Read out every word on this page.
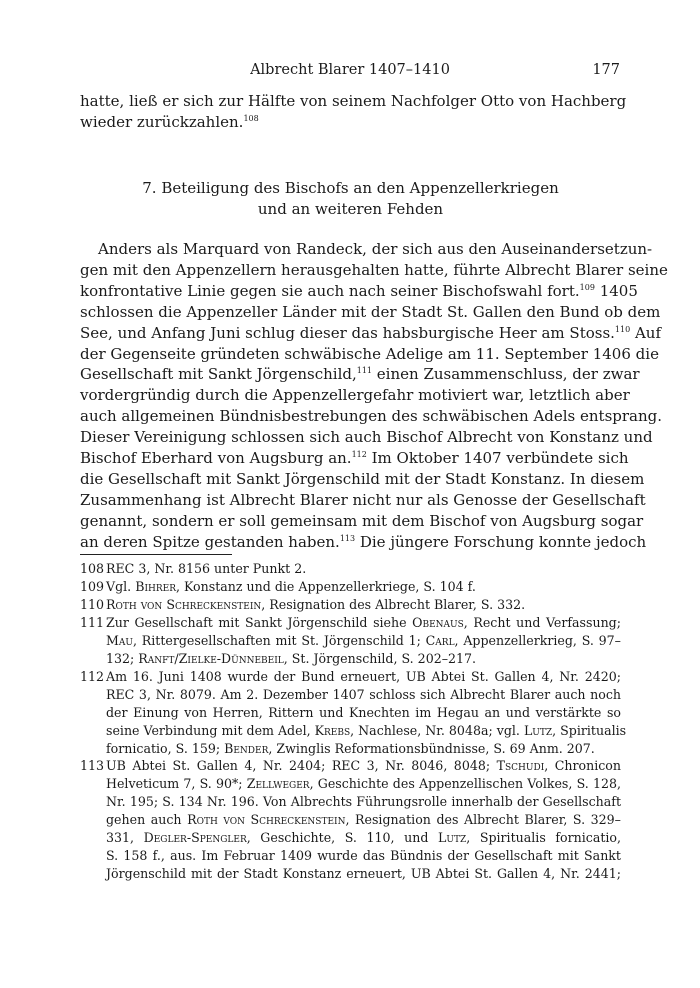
Albrecht Blarer 1407–1410	177
hatte, ließ er sich zur Hälfte von seinem Nachfolger Otto von Hachberg
wieder zurückzahlen.$^{108}$
7. Beteiligung des Bischofs an den Appenzellerkriegen
und an weiteren Fehden
Anders als Marquard von Randeck, der sich aus den Auseinandersetzun-
gen mit den Appenzellern herausgehalten hatte, führte Albrecht Blarer seine
konfrontative Linie gegen sie auch nach seiner Bischofswahl fort.$^{109}$ 1405
schlossen die Appenzeller Länder mit der Stadt St. Gallen den Bund ob dem
See, und Anfang Juni schlug dieser das habsburgische Heer am Stoss.$^{110}$ Auf
der Gegenseite gründeten schwäbische Adelige am 11. September 1406 die
Gesellschaft mit Sankt Jörgenschild,$^{111}$ einen Zusammenschluss, der zwar
vordergründig durch die Appenzellergefahr motiviert war, letztlich aber
auch allgemeinen Bündnisbestrebungen des schwäbischen Adels entsprang.
Dieser Vereinigung schlossen sich auch Bischof Albrecht von Konstanz und
Bischof Eberhard von Augsburg an.$^{112}$ Im Oktober 1407 verbündete sich
die Gesellschaft mit Sankt Jörgenschild mit der Stadt Konstanz. In diesem
Zusammenhang ist Albrecht Blarer nicht nur als Genosse der Gesellschaft
genannt, sondern er soll gemeinsam mit dem Bischof von Augsburg sogar
an deren Spitze gestanden haben.$^{113}$ Die jüngere Forschung konnte jedoch
108 REC 3, Nr. 8156 unter Punkt 2.
109 Vgl. Bihrer, Konstanz und die Appenzellerkriege, S. 104 f.
110 Roth von Schreckenstein, Resignation des Albrecht Blarer, S. 332.
111 Zur Gesellschaft mit Sankt Jörgenschild siehe Obenaus, Recht und Verfassung;
Mau, Rittergesellschaften mit St. Jörgenschild 1; Carl, Appenzellerkrieg, S. 97–
132; Ranft/Zielke-Dünnebeil, St. Jörgenschild, S. 202–217.
112 Am 16. Juni 1408 wurde der Bund erneuert, UB Abtei St. Gallen 4, Nr. 2420;
REC 3, Nr. 8079. Am 2. Dezember 1407 schloss sich Albrecht Blarer auch noch
der Einung von Herren, Rittern und Knechten im Hegau an und verstärkte so
seine Verbindung mit dem Adel, Krebs, Nachlese, Nr. 8048a; vgl. Lutz, Spiritualis
fornicatio, S. 159; Bender, Zwinglis Reformationsbündnisse, S. 69 Anm. 207.
113 UB Abtei St. Gallen 4, Nr. 2404; REC 3, Nr. 8046, 8048; Tschudi, Chronicon
Helveticum 7, S. 90*; Zellweger, Geschichte des Appenzellischen Volkes, S. 128,
Nr. 195; S. 134 Nr. 196. Von Albrechts Führungsrolle innerhalb der Gesellschaft
gehen auch Roth von Schreckenstein, Resignation des Albrecht Blarer, S. 329–
331, Degler-Spengler, Geschichte, S. 110, und Lutz, Spiritualis fornicatio,
S. 158 f., aus. Im Februar 1409 wurde das Bündnis der Gesellschaft mit Sankt
Jörgenschild mit der Stadt Konstanz erneuert, UB Abtei St. Gallen 4, Nr. 2441;
